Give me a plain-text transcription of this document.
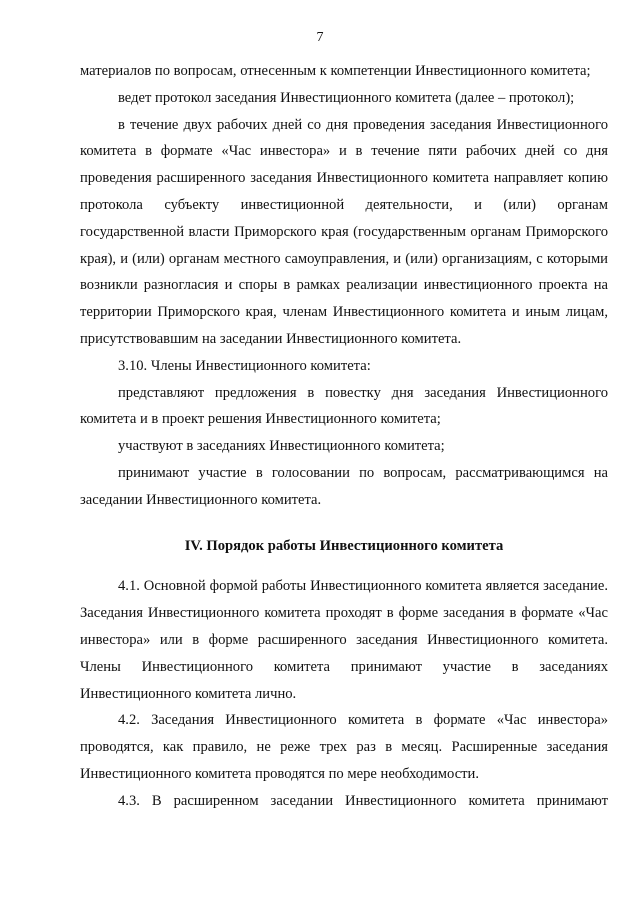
7

материалов по вопросам, отнесенным к компетенции Инвестиционного комитета;

ведет протокол заседания Инвестиционного комитета (далее – протокол);

в течение двух рабочих дней со дня проведения заседания Инвестиционного комитета в формате «Час инвестора» и в течение пяти рабочих дней со дня проведения расширенного заседания Инвестиционного комитета направляет копию протокола субъекту инвестиционной деятельности, и (или) органам государственной власти Приморского края (государственным органам Приморского края), и (или) органам местного самоуправления, и (или) организациям, с которыми возникли разногласия и споры в рамках реализации инвестиционного проекта на территории Приморского края, членам Инвестиционного комитета и иным лицам, присутствовавшим на заседании Инвестиционного комитета.

3.10. Члены Инвестиционного комитета:

представляют предложения в повестку дня заседания Инвестиционного комитета и в проект решения Инвестиционного комитета;

участвуют в заседаниях Инвестиционного комитета;

принимают участие в голосовании по вопросам, рассматривающимся на заседании Инвестиционного комитета.

IV. Порядок работы Инвестиционного комитета

4.1. Основной формой работы Инвестиционного комитета является заседание. Заседания Инвестиционного комитета проходят в форме заседания в формате «Час инвестора» или в форме расширенного заседания Инвестиционного комитета. Члены Инвестиционного комитета принимают участие в заседаниях Инвестиционного комитета лично.

4.2. Заседания Инвестиционного комитета в формате «Час инвестора» проводятся, как правило, не реже трех раз в месяц. Расширенные заседания Инвестиционного комитета проводятся по мере необходимости.

4.3. В расширенном заседании Инвестиционного комитета принимают
